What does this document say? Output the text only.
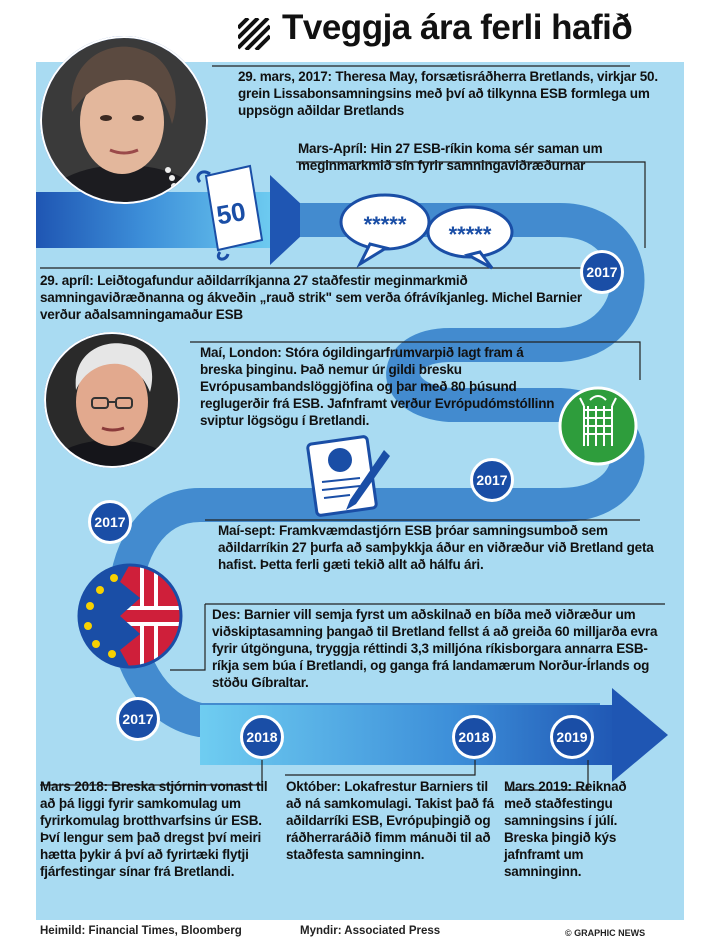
Tveggja ára ferli hafið
50	***** *****
2017
2017
2017
2017
2018	2018	2019
29. mars, 2017: Theresa May, forsætisráðherra Bretlands, virkjar 50. grein Lissabonsamningsins með því að tilkynna ESB formlega um uppsögn aðildar Bretlands
Mars-Apríl: Hin 27 ESB-ríkin koma sér saman um meginmarkmið sín fyrir samningaviðræðurnar
29. apríl: Leiðtogafundur aðildarríkjanna 27 staðfestir meginmarkmið samningaviðræðnanna og ákveðin „rauð strik" sem verða ófrávíkjanleg. Michel Barnier verður aðalsamningamaður ESB
Maí, London: Stóra ógildingarfrumvarpið lagt fram á breska þinginu. Það nemur úr gildi bresku Evrópusambandslöggjöfina og þar með 80 þúsund reglugerðir frá ESB. Jafnframt verður Evrópudómstóllinn sviptur lögsögu í Bretlandi.
Maí-sept: Framkvæmdastjórn ESB þróar samningsumboð sem aðildarríkin 27 þurfa að samþykkja áður en viðræður við Bretland geta hafist. Þetta ferli gæti tekið allt að hálfu ári.
Des: Barnier vill semja fyrst um aðskilnað en bíða með viðræður um viðskiptasamning þangað til Bretland fellst á að greiða 60 milljarða evra fyrir útgönguna, tryggja réttindi 3,3 milljóna ríkisborgara annarra ESB-ríkja sem búa í Bretlandi, og ganga frá landamærum Norður-Írlands og stöðu Gíbraltar.
Mars 2018: Breska stjórnin vonast til að þá liggi fyrir samkomulag um fyrirkomulag brotthvarfsins úr ESB. Því lengur sem það dregst því meiri hætta þykir á því að fyrirtæki flytji fjárfestingar sínar frá Bretlandi.
Október: Lokafrestur Barniers til að ná samkomulagi. Takist það fá aðildarríki ESB, Evrópuþingið og ráðherraráðið fimm mánuði til að staðfesta samninginn.
Mars 2019: Reiknað með staðfestingu samningsins í júlí. Breska þingið kýs jafnframt um samninginn.
Heimild: Financial Times, Bloomberg	Myndir: Associated Press	© GRAPHIC NEWS
